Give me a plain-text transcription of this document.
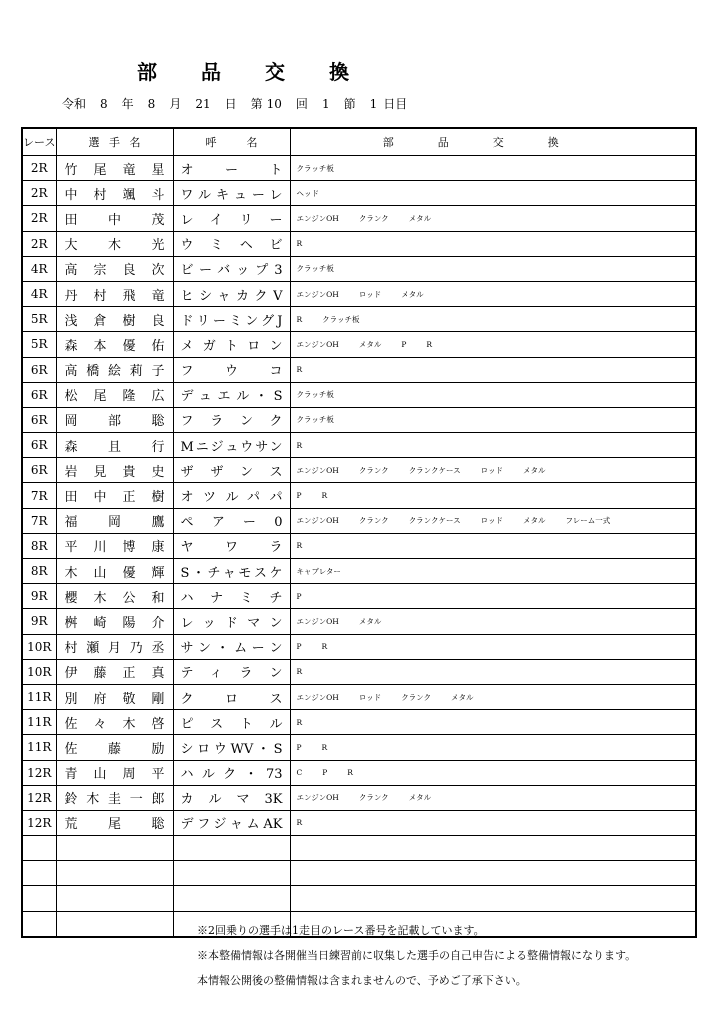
部品交換
令和 8 年 8 月 21 日 第 10 回 1 節 1 日目
レース	選手名	呼名	部品交換
2R	竹尾竜星	オート	クラッチ板
2R	中村颯斗	ワルキューレ	ヘッド
2R	田中茂	レイリー	エンジンOH クランク メタル
2R	大木光	ウミヘビ	R
4R	高宗良次	ビーバップ3	クラッチ板
4R	丹村飛竜	ヒシャカクV	エンジンOH ロッド メタル
5R	浅倉樹良	ドリーミングJ	R クラッチ板
5R	森本優佑	メガトロン	エンジンOH メタル P R
6R	高橋絵莉子	フウコ	R
6R	松尾隆広	デュエル・S	クラッチ板
6R	岡部聡	フランク	クラッチ板
6R	森且行	Mニジュウサン	R
6R	岩見貴史	ザザンス	エンジンOH クランク クランクケース ロッド メタル
7R	田中正樹	オツルパパ	P R
7R	福岡鷹	ペアー0	エンジンOH クランク クランクケース ロッド メタル フレーム一式
8R	平川博康	ヤワラ	R
8R	木山優輝	S・チャモスケ	キャブレター
9R	櫻木公和	ハナミチ	P
9R	桝崎陽介	レッドマン	エンジンOH メタル
10R	村瀬月乃丞	サン・ムーン	P R
10R	伊藤正真	ティラン	R
11R	別府敬剛	クロス	エンジンOH ロッド クランク メタル
11R	佐々木啓	ピストル	R
11R	佐藤励	シロウWV・S	P R
12R	青山周平	ハルク・73	C P R
12R	鈴木圭一郎	カルマ3K	エンジンOH クランク メタル
12R	荒尾聡	デフジャムAK	R

※2回乗りの選手は1走目のレース番号を記載しています。
※本整備情報は各開催当日練習前に収集した選手の自己申告による整備情報になります。
本情報公開後の整備情報は含まれませんので、予めご了承下さい。
